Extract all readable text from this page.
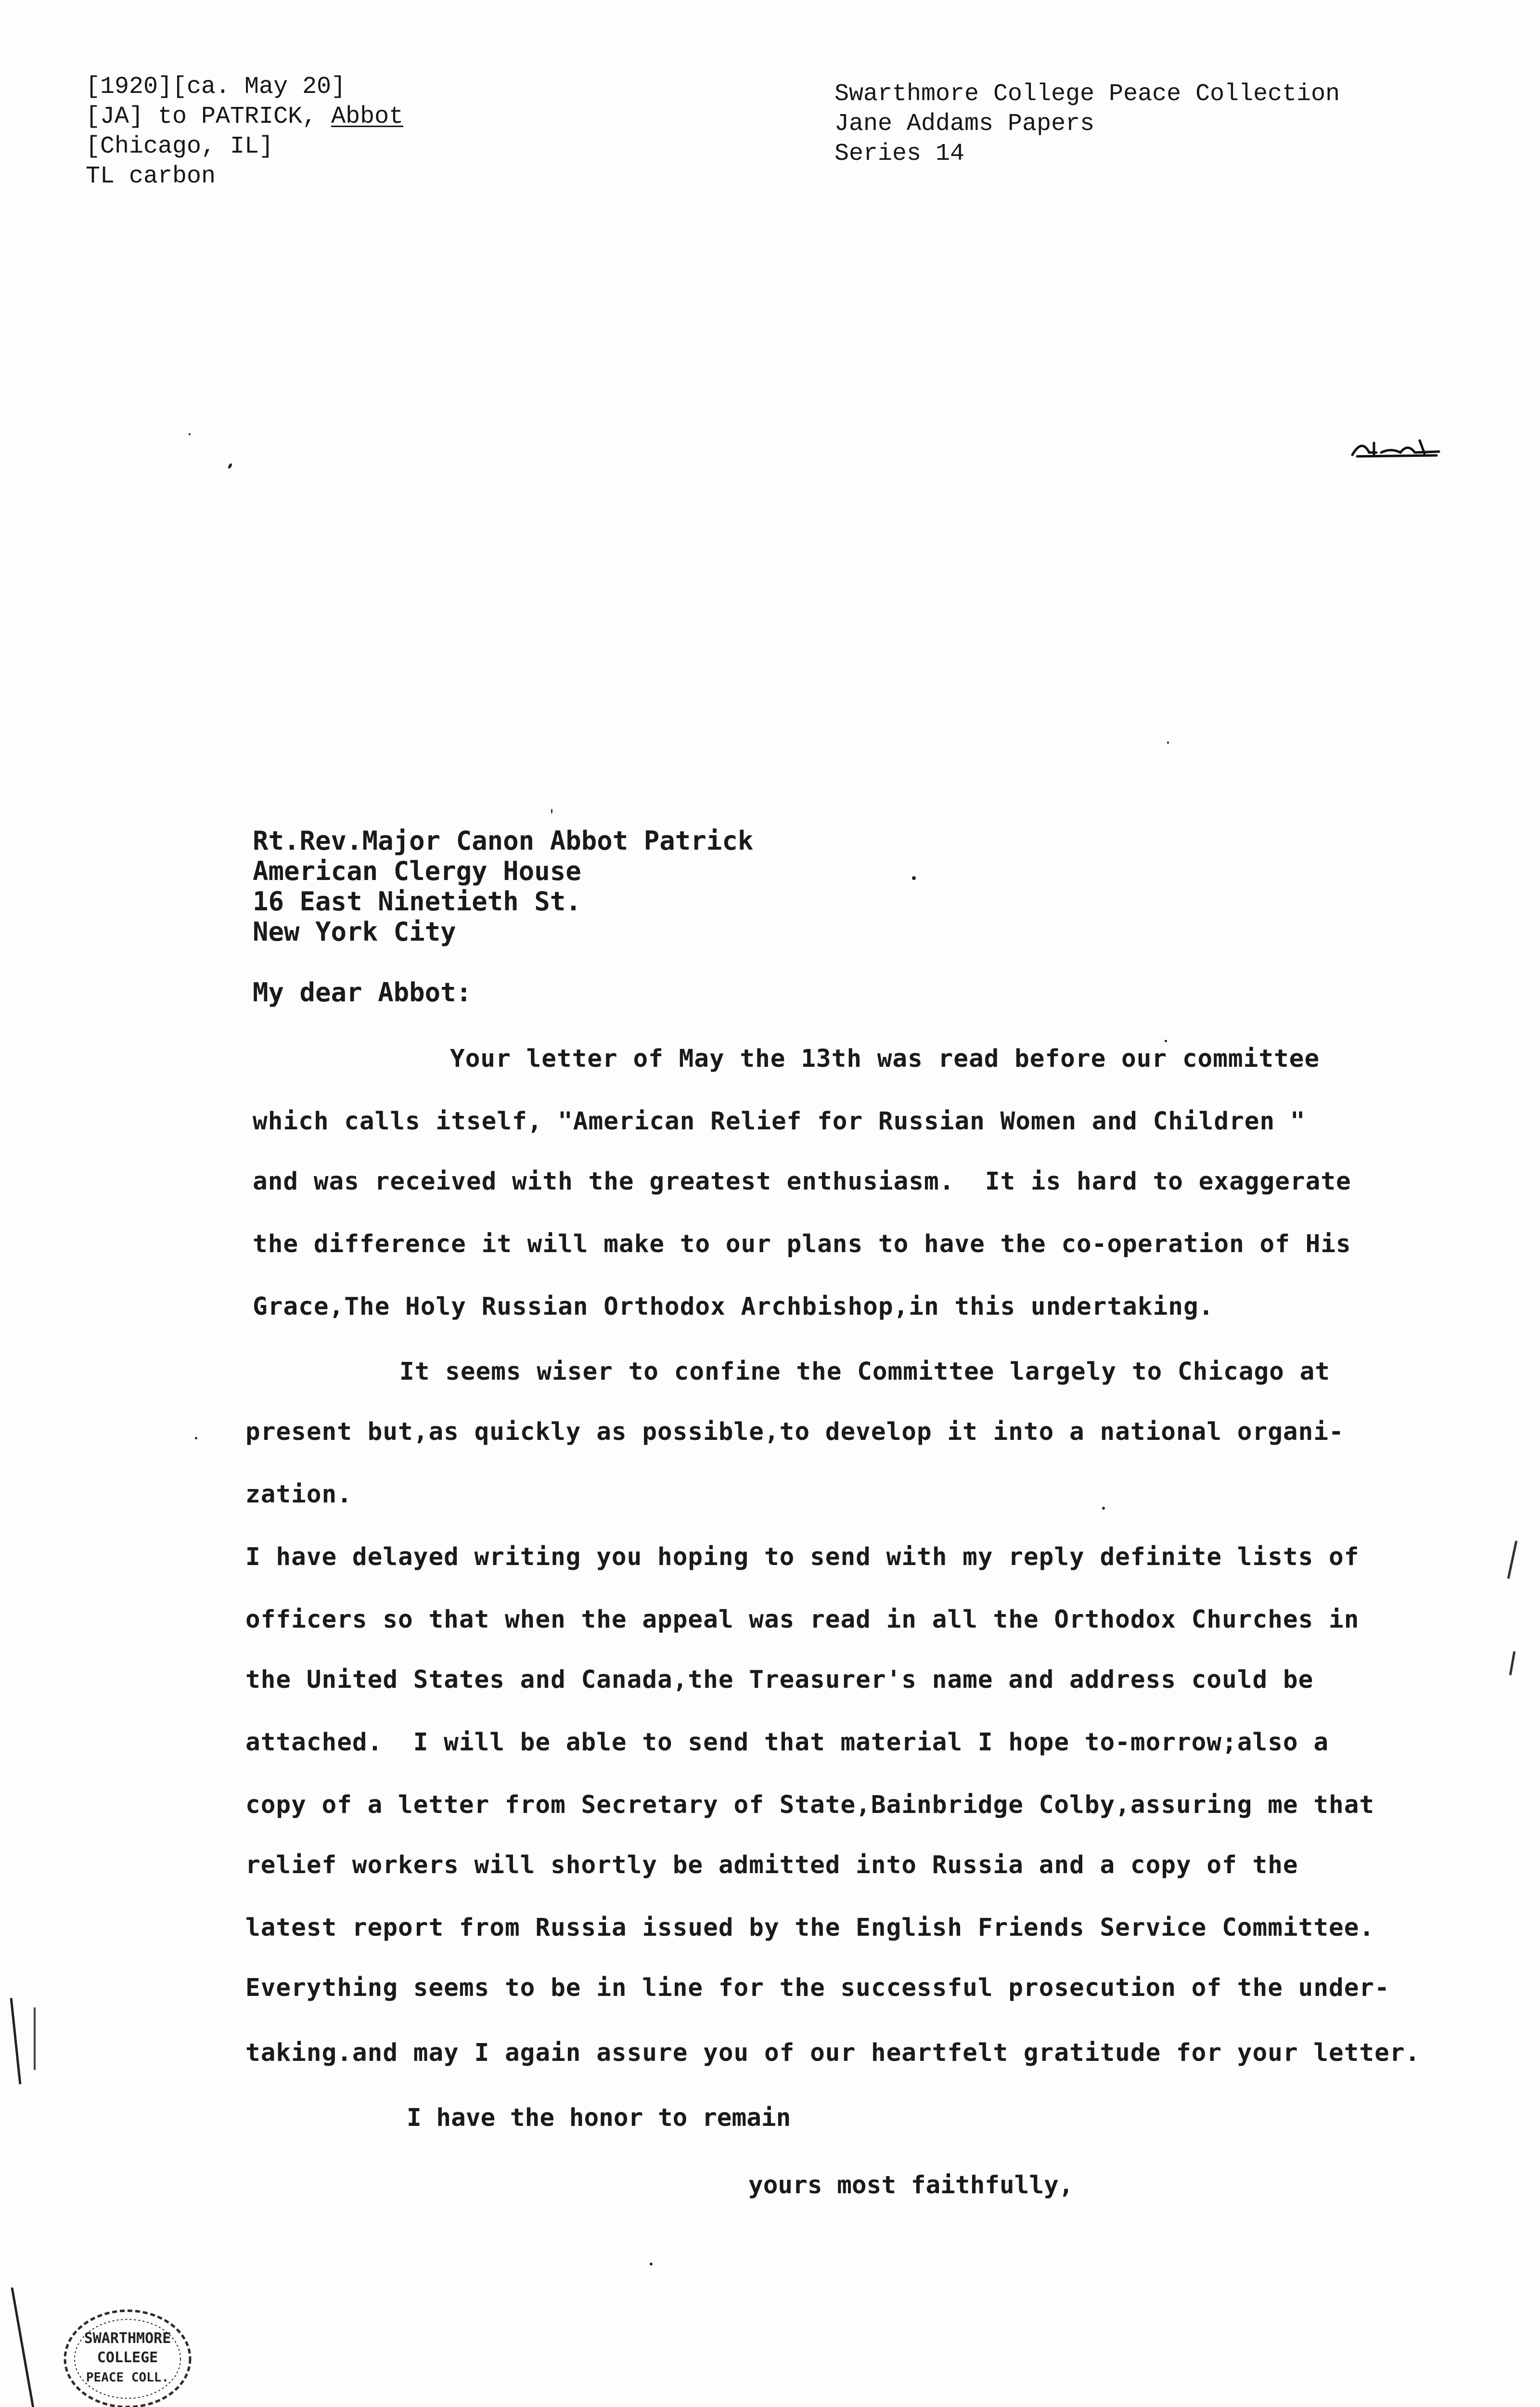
[1920][ca. May 20]
[JA] to PATRICK, Abbot
[Chicago, IL]
TL carbon
Swarthmore College Peace Collection
Jane Addams Papers
Series 14
Rt.Rev.Major Canon Abbot Patrick
American Clergy House
16 East Ninetieth St.
New York City
My dear Abbot:
Your letter of May the 13th was read before our committee
which calls itself, "American Relief for Russian Women and Children "
and was received with the greatest enthusiasm.  It is hard to exaggerate
the difference it will make to our plans to have the co-operation of His
Grace,The Holy Russian Orthodox Archbishop,in this undertaking.
It seems wiser to confine the Committee largely to Chicago at
present but,as quickly as possible,to develop it into a national organi-
zation.
I have delayed writing you hoping to send with my reply definite lists of
officers so that when the appeal was read in all the Orthodox Churches in
the United States and Canada,the Treasurer's name and address could be
attached.  I will be able to send that material I hope to-morrow;also a
copy of a letter from Secretary of State,Bainbridge Colby,assuring me that
relief workers will shortly be admitted into Russia and a copy of the
latest report from Russia issued by the English Friends Service Committee.
Everything seems to be in line for the successful prosecution of the under-
taking.and may I again assure you of our heartfelt gratitude for your letter.
I have the honor to remain
yours most faithfully,
SWARTHMORE
COLLEGE
PEACE COLL.
